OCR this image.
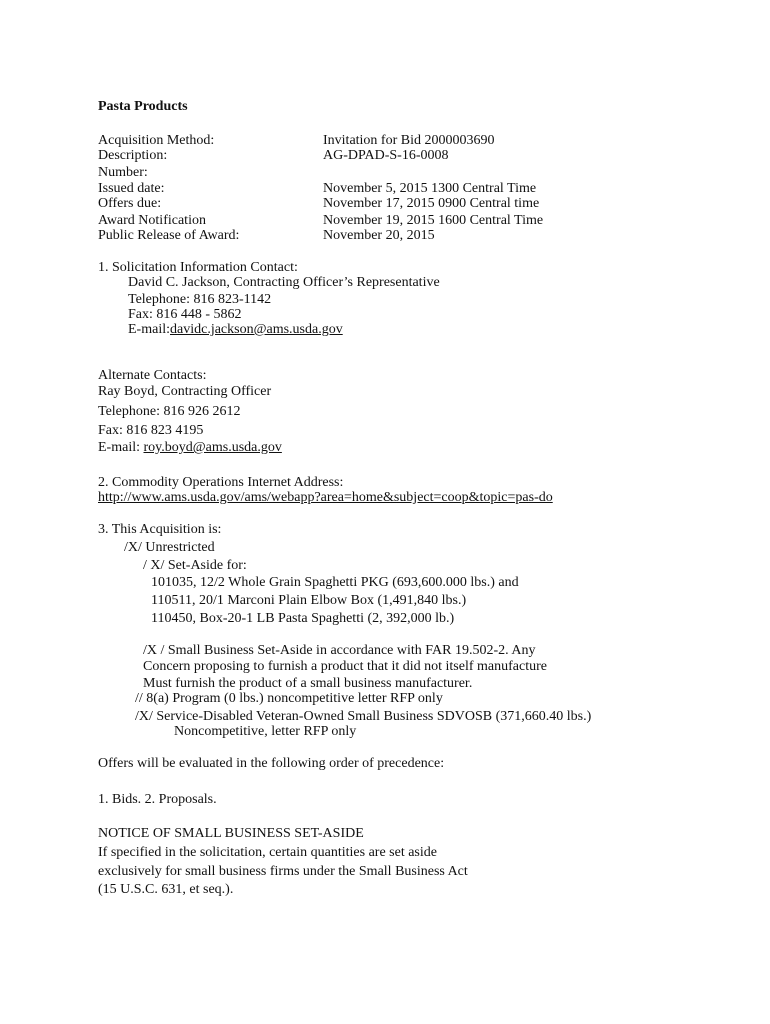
Pasta Products
Acquisition Method:	Invitation for Bid 2000003690
Description:	AG-DPAD-S-16-0008
Number:
Issued date:	November 5, 2015 1300 Central Time
Offers due:	November 17, 2015 0900 Central time
Award Notification	November 19, 2015 1600 Central Time
Public Release of Award:	November 20, 2015
1. Solicitation Information Contact:
David C. Jackson, Contracting Officer’s Representative
Telephone: 816 823-1142
Fax: 816 448 - 5862
E-mail:davidc.jackson@ams.usda.gov
Alternate Contacts:
Ray Boyd, Contracting Officer
Telephone: 816 926 2612
Fax: 816 823 4195
E-mail: roy.boyd@ams.usda.gov
2. Commodity Operations Internet Address:
http://www.ams.usda.gov/ams/webapp?area=home&subject=coop&topic=pas-do
3. This Acquisition is:
/X/ Unrestricted
/ X/ Set-Aside for:
101035, 12/2 Whole Grain Spaghetti PKG (693,600.000 lbs.) and
110511, 20/1 Marconi Plain Elbow Box (1,491,840 lbs.)
110450, Box-20-1 LB Pasta Spaghetti (2, 392,000 lb.)
/X / Small Business Set-Aside in accordance with FAR 19.502-2. Any
Concern proposing to furnish a product that it did not itself manufacture
Must furnish the product of a small business manufacturer.
// 8(a) Program (0 lbs.) noncompetitive letter RFP only
/X/ Service-Disabled Veteran-Owned Small Business SDVOSB (371,660.40 lbs.)
Noncompetitive, letter RFP only
Offers will be evaluated in the following order of precedence:
1. Bids. 2. Proposals.
NOTICE OF SMALL BUSINESS SET-ASIDE
If specified in the solicitation, certain quantities are set aside
exclusively for small business firms under the Small Business Act
(15 U.S.C. 631, et seq.).
